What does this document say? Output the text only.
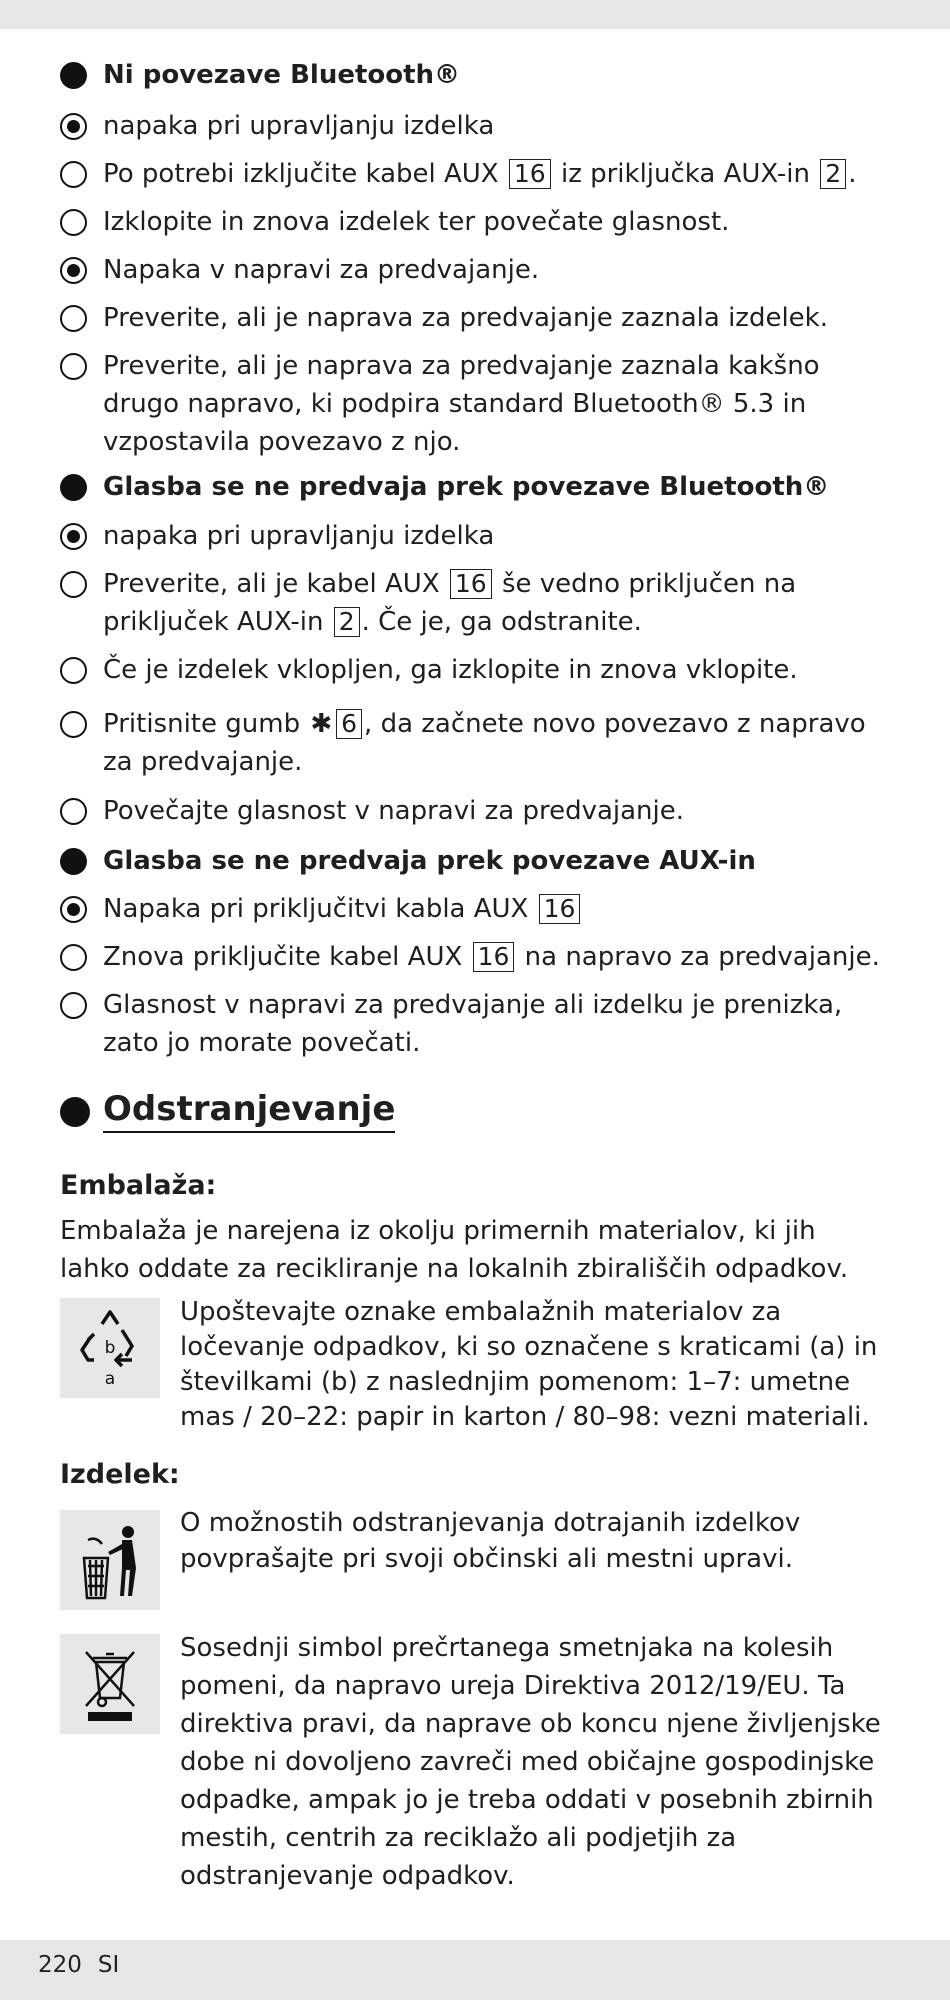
Ni povezave Bluetooth®
napaka pri upravljanju izdelka
Po potrebi izključite kabel AUX 16 iz priključka AUX-in 2 .
Izklopite in znova izdelek ter povečate glasnost.
Napaka v napravi za predvajanje.
Preverite, ali je naprava za predvajanje zaznala izdelek.
Preverite, ali je naprava za predvajanje zaznala kakšno drugo napravo, ki podpira standard Bluetooth® 5.3 in vzpostavila povezavo z njo.
Glasba se ne predvaja prek povezave Bluetooth®
napaka pri upravljanju izdelka
Preverite, ali je kabel AUX 16 še vedno priključen na priključek AUX-in 2 . Če je, ga odstranite.
Če je izdelek vklopljen, ga izklopite in znova vklopite.
Pritisnite gumb ✱ 6 , da začnete novo povezavo z napravo za predvajanje.
Povečajte glasnost v napravi za predvajanje.
Glasba se ne predvaja prek povezave AUX-in
Napaka pri priključitvi kabla AUX 16
Znova priključite kabel AUX 16 na napravo za predvajanje.
Glasnost v napravi za predvajanje ali izdelku je prenizka, zato jo morate povečati.
Odstranjevanje
Embalaža:
Embalaža je narejena iz okolju primernih materialov, ki jih lahko oddate za recikliranje na lokalnih zbirališčih odpadkov.
b
a
Upoštevajte oznake embalažnih materialov za ločevanje odpadkov, ki so označene s kraticami (a) in številkami (b) z naslednjim pomenom: 1–7: umetne mas / 20–22: papir in karton / 80–98: vezni materiali.
Izdelek:
O možnostih odstranjevanja dotrajanih izdelkov povprašajte pri svoji občinski ali mestni upravi.
Sosednji simbol prečrtanega smetnjaka na kolesih pomeni, da napravo ureja Direktiva 2012/19/EU. Ta direktiva pravi, da naprave ob koncu njene življenjske dobe ni dovoljeno zavreči med običajne gospodinjske odpadke, ampak jo je treba oddati v posebnih zbirnih mestih, centrih za reciklažo ali podjetjih za odstranjevanje odpadkov.
220 SI
